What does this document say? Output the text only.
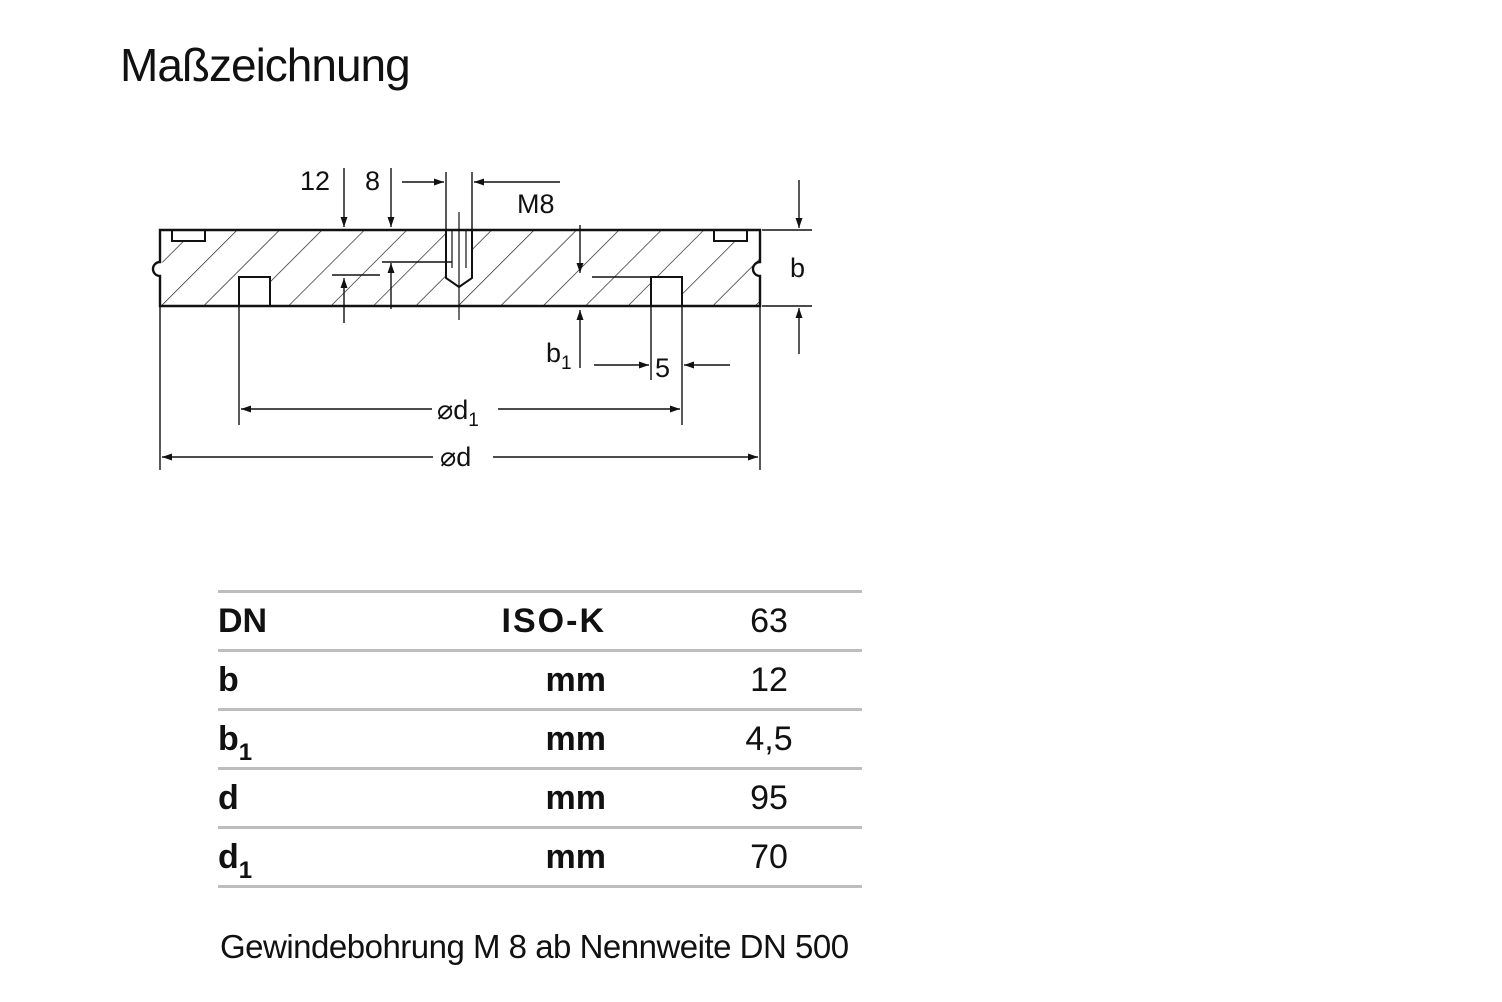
Maßzeichnung
12 8
M8
b
$b_1$	5
$⌀d_1$
⌀d
DN	ISO-K	63
b	mm	12
$b_1$	mm	4,5
d	mm	95
$d_1$	mm	70

Gewindebohrung M 8 ab Nennweite DN 500
